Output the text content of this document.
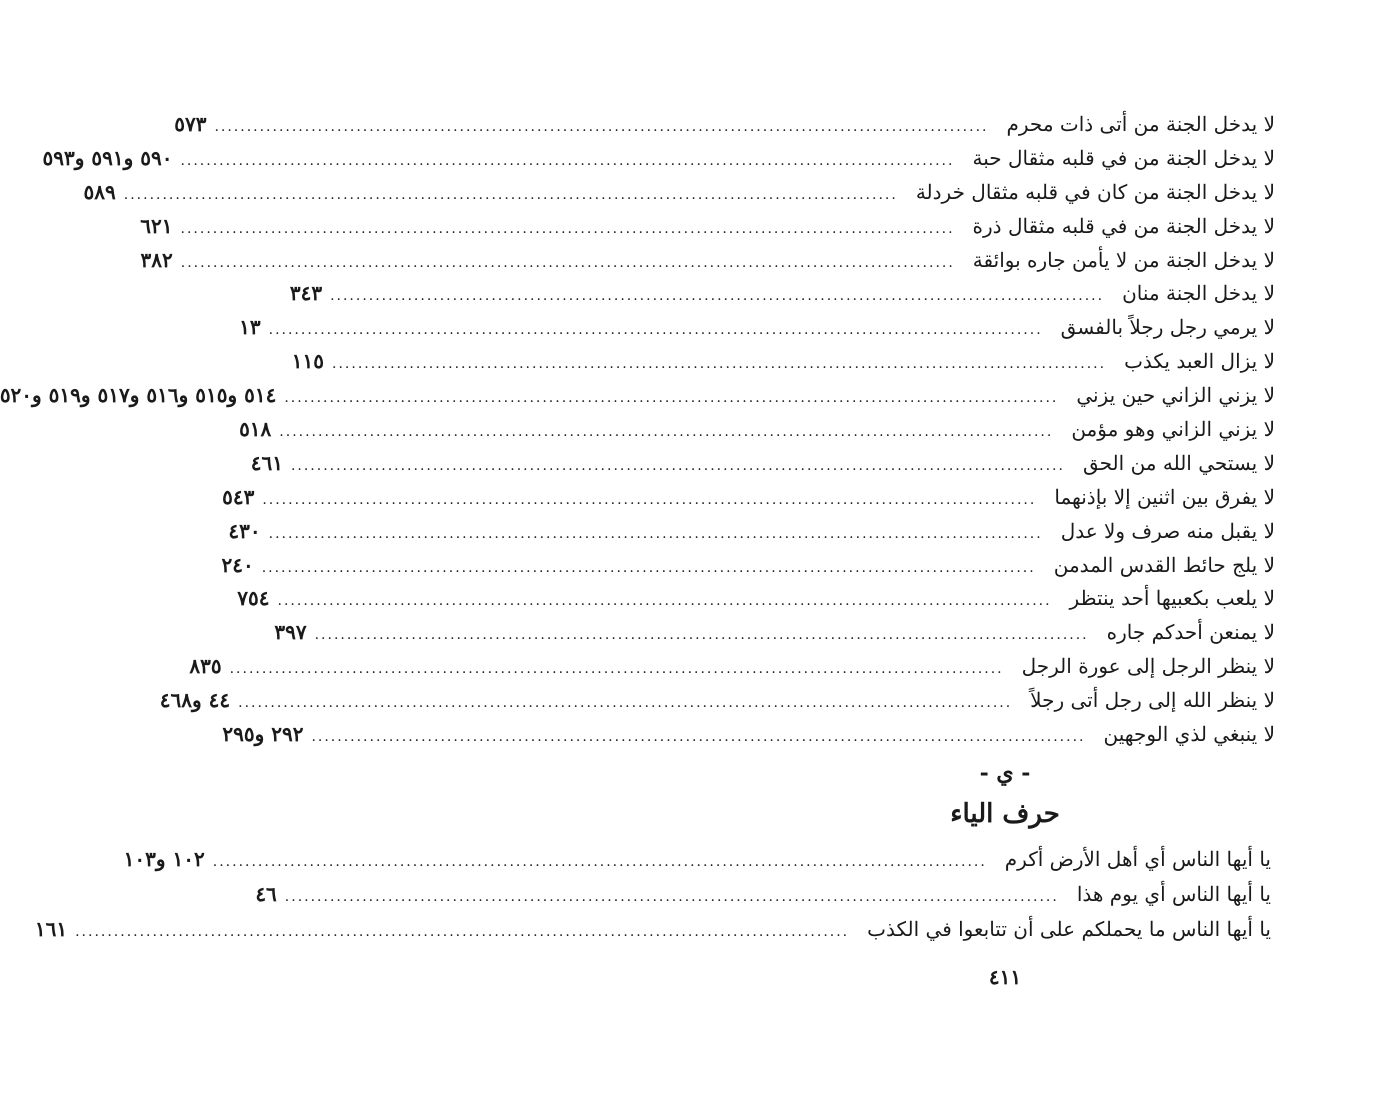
لا يدخل الجنة من أتى ذات محرم
........................................................................................................................
٥٧٣
لا يدخل الجنة من في قلبه مثقال حبة
........................................................................................................................
٥٩٠ و٥٩١ و٥٩٣
لا يدخل الجنة من كان في قلبه مثقال خردلة
........................................................................................................................
٥٨٩
لا يدخل الجنة من في قلبه مثقال ذرة
........................................................................................................................
٦٢١
لا يدخل الجنة من لا يأمن جاره بوائقة
........................................................................................................................
٣٨٢
لا يدخل الجنة منان
........................................................................................................................
٣٤٣
لا يرمي رجل رجلاً بالفسق
........................................................................................................................
١٣
لا يزال العبد يكذب
........................................................................................................................
١١٥
لا يزني الزاني حين يزني
........................................................................................................................
٥١٤ و٥١٥ و٥١٦ و٥١٧ و٥١٩ و٥٢٠
لا يزني الزاني وهو مؤمن
........................................................................................................................
٥١٨
لا يستحي الله من الحق
........................................................................................................................
٤٦١
لا يفرق بين اثنين إلا بإذنهما
........................................................................................................................
٥٤٣
لا يقبل منه صرف ولا عدل
........................................................................................................................
٤٣٠
لا يلج حائط القدس المدمن
........................................................................................................................
٢٤٠
لا يلعب بكعبيها أحد ينتظر
........................................................................................................................
٧٥٤
لا يمنعن أحدكم جاره
........................................................................................................................
٣٩٧
لا ينظر الرجل إلى عورة الرجل
........................................................................................................................
٨٣٥
لا ينظر الله إلى رجل أتى رجلاً
........................................................................................................................
٤٤ و٤٦٨
لا ينبغي لذي الوجهين
........................................................................................................................
٢٩٢ و٢٩٥
- ي -
حرف الياء
يا أيها الناس أي أهل الأرض أكرم
........................................................................................................................
١٠٢ و١٠٣
يا أيها الناس أي يوم هذا
........................................................................................................................
٤٦
يا أيها الناس ما يحملكم على أن تتابعوا في الكذب
........................................................................................................................
١٦١
٤١١
